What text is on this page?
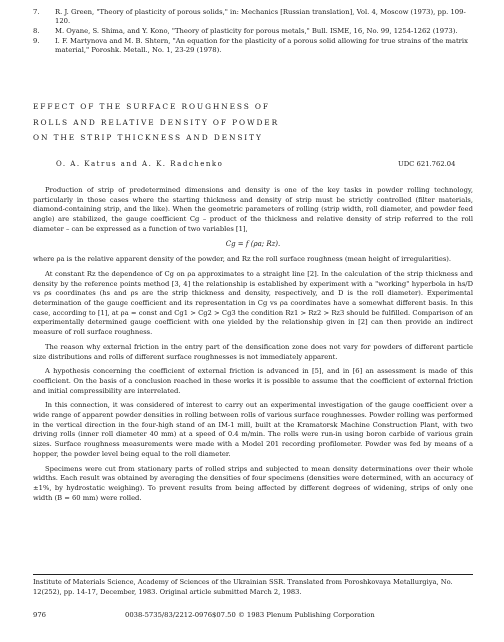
7.	R. J. Green, "Theory of plasticity of porous solids," in: Mechanics [Russian translation], Vol. 4, Moscow (1973), pp. 109-120.
8.	M. Oyane, S. Shima, and Y. Kono, "Theory of plasticity for porous metals," Bull. ISME, 16, No. 99, 1254-1262 (1973).
9.	I. F. Martynova and M. B. Shtern, "An equation for the plasticity of a porous solid allowing for true strains of the matrix material," Poroshk. Metall., No. 1, 23-29 (1978).
EFFECT OF THE SURFACE ROUGHNESS OF
ROLLS AND RELATIVE DENSITY OF POWDER
ON THE STRIP THICKNESS AND DENSITY
O. A. Katrus and A. K. Radchenko	UDC 621.762.04

Production of strip of predetermined dimensions and density is one of the key tasks in powder rolling technology, particularly in those cases where the starting thickness and density of strip must be strictly controlled (filter materials, diamond-containing strip, and the like). When the geometric parameters of rolling (strip width, roll diameter, and powder feed angle) are stabilized, the gauge coefficient Cg – product of the thickness and relative density of strip referred to the roll diameter – can be expressed as a function of two variables [1],

Cg = f (ρa; Rz).

where ρa is the relative apparent density of the powder, and Rz the roll surface roughness (mean height of irregularities).

At constant Rz the dependence of Cg on ρa approximates to a straight line [2]. In the calculation of the strip thickness and density by the reference points method [3, 4] the relationship is established by experiment with a "working" hyperbola in hs/D vs ρs coordinates (hs and ρs are the strip thickness and density, respectively, and D is the roll diameter). Experimental determination of the gauge coefficient and its representation in Cg vs ρa coordinates have a somewhat different basis. In this case, according to [1], at ρa = const and Cg1 > Cg2 > Cg3 the condition Rz1 > Rz2 > Rz3 should be fulfilled. Comparison of an experimentally determined gauge coefficient with one yielded by the relationship given in [2] can then provide an indirect measure of roll surface roughness.

The reason why external friction in the entry part of the densification zone does not vary for powders of different particle size distributions and rolls of different surface roughnesses is not immediately apparent.

A hypothesis concerning the coefficient of external friction is advanced in [5], and in [6] an assessment is made of this coefficient. On the basis of a conclusion reached in these works it is possible to assume that the coefficient of external friction and initial compressibility are interrelated.

In this connection, it was considered of interest to carry out an experimental investigation of the gauge coefficient over a wide range of apparent powder densities in rolling between rolls of various surface roughnesses. Powder rolling was performed in the vertical direction in the four-high stand of an IM-1 mill, built at the Kramatorsk Machine Construction Plant, with two driving rolls (inner roll diameter 40 mm) at a speed of 0.4 m/min. The rolls were run-in using boron carbide of various grain sizes. Surface roughness measurements were made with a Model 201 recording profilometer. Powder was fed by means of a hopper, the powder level being equal to the roll diameter.

Specimens were cut from stationary parts of rolled strips and subjected to mean density determinations over their whole widths. Each result was obtained by averaging the densities of four specimens (densities were determined, with an accuracy of ±1%, by hydrostatic weighing). To prevent results from being affected by different degrees of widening, strips of only one width (B = 60 mm) were rolled.

Institute of Materials Science, Academy of Sciences of the Ukrainian SSR. Translated from Poroshkovaya Metallurgiya, No. 12(252), pp. 14-17, December, 1983. Original article submitted March 2, 1983.
976	0038-5735/83/2212-0976$07.50 © 1983 Plenum Publishing Corporation
